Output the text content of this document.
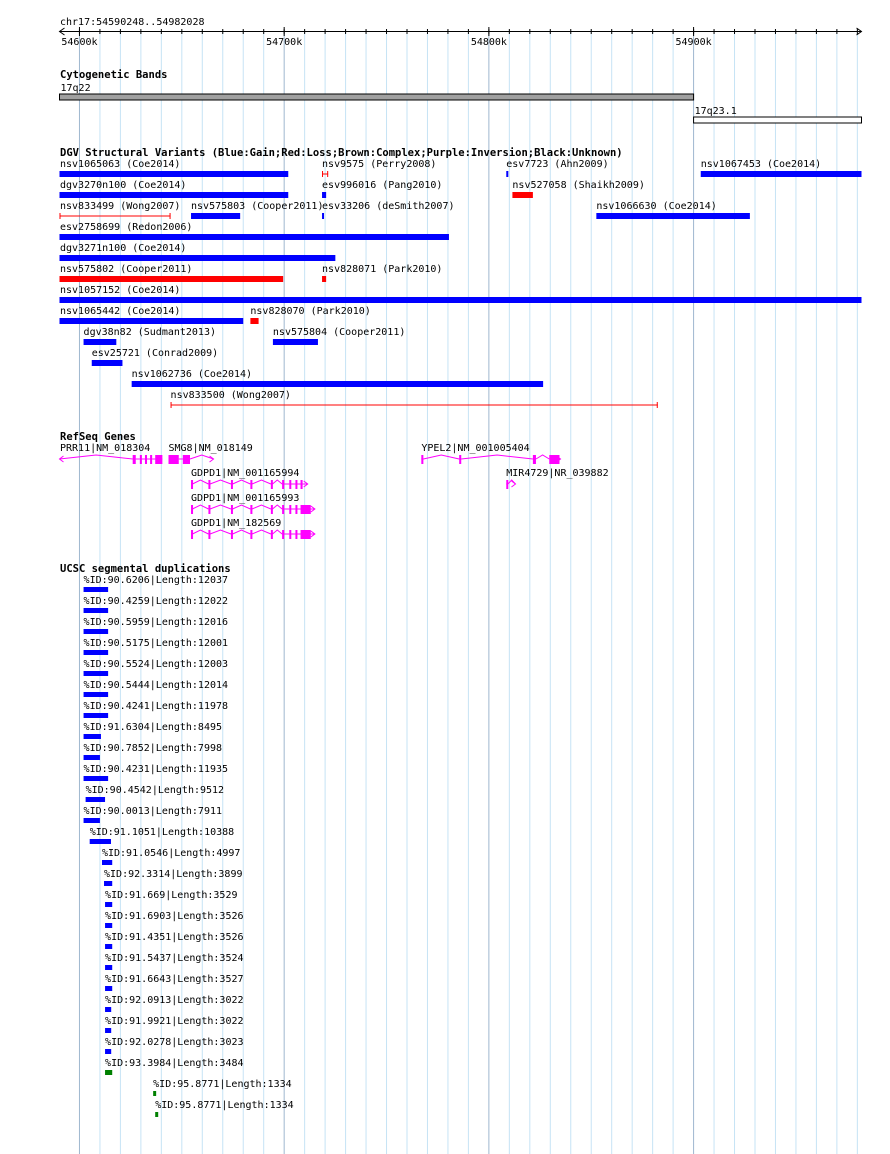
chr17:54590248..54982028
54600k	54700k	54800k	54900k
Cytogenetic Bands
17q22
17q23.1
DGV Structural Variants (Blue:Gain;Red:Loss;Brown:Complex;Purple:Inversion;Black:Unknown)
nsv1065063 (Coe2014)	nsv9575 (Perry2008)	esv7723 (Ahn2009)	nsv1067453 (Coe2014)
dgv3270n100 (Coe2014)	esv996016 (Pang2010)	nsv527058 (Shaikh2009)
nsv833499 (Wong2007) nsv575803 (Cooper2011)
esv33206 (deSmith2007)	nsv1066630 (Coe2014)
esv2758699 (Redon2006)
dgv3271n100 (Coe2014)
nsv575802 (Cooper2011)	nsv828071 (Park2010)
nsv1057152 (Coe2014)
nsv1065442 (Coe2014)	nsv828070 (Park2010)
dgv38n82 (Sudmant2013)	nsv575804 (Cooper2011)
esv25721 (Conrad2009)
nsv1062736 (Coe2014)
nsv833500 (Wong2007)
RefSeq Genes
PRR11|NM_018304 SMG8|NM_018149	YPEL2|NM_001005404
GDPD1|NM_001165994	MIR4729|NR_039882
GDPD1|NM_001165993
GDPD1|NM_182569
UCSC segmental duplications
%ID:90.6206|Length:12037
%ID:90.4259|Length:12022
%ID:90.5959|Length:12016
%ID:90.5175|Length:12001
%ID:90.5524|Length:12003
%ID:90.5444|Length:12014
%ID:90.4241|Length:11978
%ID:91.6304|Length:8495
%ID:90.7852|Length:7998
%ID:90.4231|Length:11935
%ID:90.4542|Length:9512
%ID:90.0013|Length:7911
%ID:91.1051|Length:10388
%ID:91.0546|Length:4997
%ID:92.3314|Length:3899
%ID:91.669|Length:3529
%ID:91.6903|Length:3526
%ID:91.4351|Length:3526
%ID:91.5437|Length:3524
%ID:91.6643|Length:3527
%ID:92.0913|Length:3022
%ID:91.9921|Length:3022
%ID:92.0278|Length:3023
%ID:93.3984|Length:3484
%ID:95.8771|Length:1334
%ID:95.8771|Length:1334
